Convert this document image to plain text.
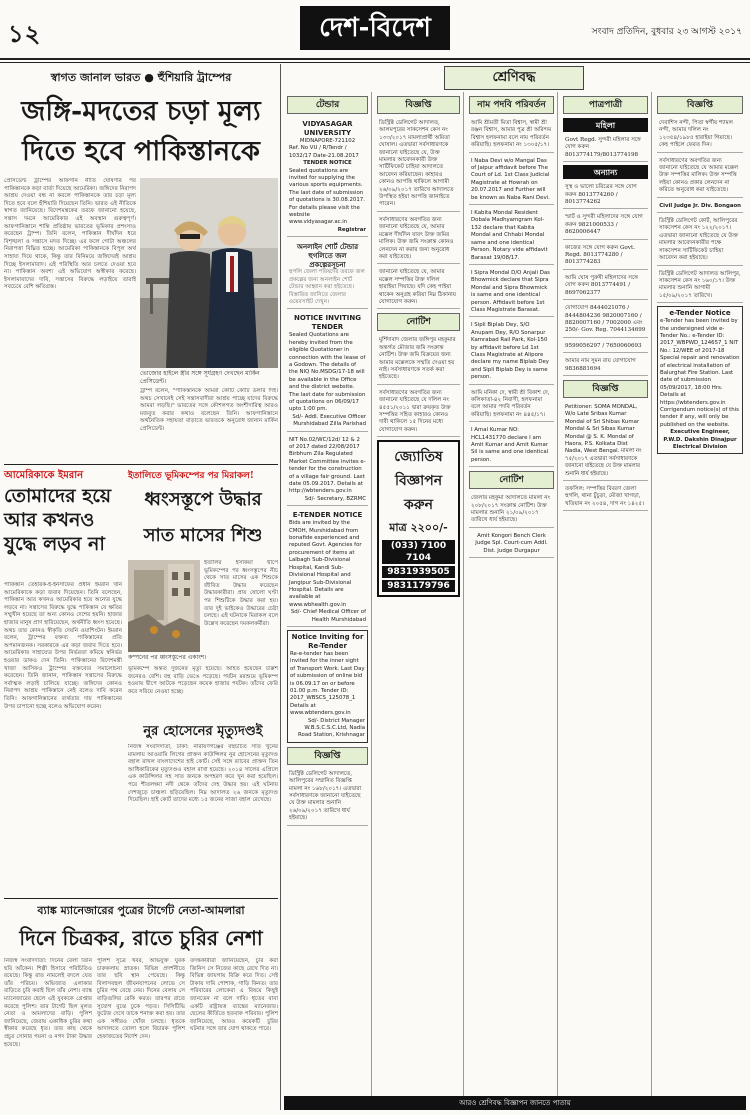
১২	দেশ-বিদেশ	সংবাদ প্রতিদিন, বুধবার ২৩ আগস্ট ২০১৭
স্বাগত জানাল ভারত ● হুঁশিয়ারি ট্রাম্পের
জঙ্গি-মদতের চড়া মূল্য দিতে হবে পাকিস্তানকে
প্রেসিডেন্ট ট্রাম্পের আফগান নীতি ঘোষণার পর পাকিস্তানকে কড়া বার্তা দিয়েছে আমেরিকা। জঙ্গিদের নিরাপদ আশ্রয় দেওয়া বন্ধ না করলে পাকিস্তানকে তার চড়া মূল্য দিতে হবে বলে হুঁশিয়ারি দিয়েছেন তিনি। ভারত এই নীতিকে স্বাগত জানিয়েছে। বিদেশমন্ত্রকের তরফে জানানো হয়েছে, সন্ত্রাস দমনে আমেরিকার এই অবস্থান গুরুত্বপূর্ণ। আফগানিস্তানে শান্তি প্রতিষ্ঠায় ভারতের ভূমিকার প্রশংসাও করেছেন ট্রাম্প। তিনি বলেন, পাকিস্তান দীর্ঘদিন ধরে বিশৃঙ্খলা ও সন্ত্রাসে মদত দিচ্ছে। এর ফলে গোটা অঞ্চলের নিরাপত্তা বিঘ্নিত হচ্ছে। আমেরিকা পাকিস্তানকে বিপুল অর্থ সাহায্য দিয়ে থাকে, কিন্তু তার বিনিময়ে জঙ্গিদেরই আশ্রয় দিচ্ছে ইসলামাবাদ। এই পরিস্থিতি আর চলতে দেওয়া হবে না। পাকিস্তান অবশ্য এই অভিযোগ অস্বীকার করেছে। ইসলামাবাদের দাবি, সন্ত্রাসের বিরুদ্ধে লড়াইয়ে তারাই সবচেয়ে বেশি ক্ষতিগ্রস্ত।
ভোজোর হাইলে স্ত্রীর সঙ্গে সূর্যগ্রহণ দেখছেন মার্কিন প্রেসিডেন্ট।
ট্রাম্প বলেন, "পাকিস্তানকে আমরা কোটি কোটি ডলার দিই। অথচ সেখানেই সেই সন্ত্রাসবাদীরা আশ্রয় পাচ্ছে যাদের বিরুদ্ধে আমরা লড়ছি।" ভারতের সঙ্গে কৌশলগত অংশীদারিত্ব আরও মজবুত করার কথাও বলেছেন তিনি। আফগানিস্তানে অর্থনৈতিক সহায়তা বাড়াতে ভারতকে অনুরোধ জানান মার্কিন প্রেসিডেন্ট।
আমেরিকাকে ইমরান
তোমাদের হয়ে আর কখনও যুদ্ধে লড়ব না
পাকিস্তান তেহরিক-ই-ইনসাফের প্রধান ইমরান খান আমেরিকাকে কড়া জবাব দিয়েছেন। তিনি বলেছেন, পাকিস্তান আর কখনও আমেরিকার হয়ে অন্যের যুদ্ধে লড়বে না। সন্ত্রাসের বিরুদ্ধে যুদ্ধে পাকিস্তান যে ক্ষতির সম্মুখীন হয়েছে তা অন্য কোনও দেশের হয়নি। হাজার হাজার মানুষ প্রাণ হারিয়েছেন, অর্থনীতি ধ্বংস হয়েছে। অথচ তার কোনও স্বীকৃতি দেয়নি ওয়াশিংটন। ইমরান বলেন, ট্রাম্পের বক্তব্য পাকিস্তানের প্রতি অপমানজনক। সরকারকে এর কড়া জবাব দিতে হবে। আমেরিকার সাহায্যের উপর নির্ভরতা কমিয়ে স্বনির্ভর হওয়ার ডাকও দেন তিনি। পাকিস্তানের বিদেশমন্ত্রী খাজা আসিফও ট্রাম্পের বক্তব্যের সমালোচনা করেছেন। তিনি জানান, পাকিস্তান সন্ত্রাসের বিরুদ্ধে সর্বাত্মক লড়াই চালিয়ে যাচ্ছে। জঙ্গিদের কোনও নিরাপদ আশ্রয় পাকিস্তানে নেই বলেও দাবি করেন তিনি। আফগানিস্তানের ব্যর্থতার দায় পাকিস্তানের উপর চাপানো হচ্ছে বলেও অভিযোগ করেন।
ইতালিতে ভূমিকম্পের পর মিরাকল!
ধ্বংসস্তূপে উদ্ধার সাত মাসের শিশু
ইতালির ইসকিয়া দ্বীপে ভূমিকম্পের পর ধ্বংসস্তূপের নীচ থেকে সাত মাসের এক শিশুকে জীবিত উদ্ধার করেছেন উদ্ধারকারীরা। প্রায় ষোলো ঘণ্টা পর শিশুটিকে উদ্ধার করা হয়। তার দুই ভাইকেও উদ্ধারের চেষ্টা চলছে। এই ঘটনাকে মিরাকল বলে উল্লেখ করেছেন দমকলকর্মীরা।
কম্পনের পর ধ্বংসস্তূপের একাংশ।
ভূমিকম্পে অন্তত দুজনের মৃত্যু হয়েছে। আহত হয়েছেন চল্লিশ জনেরও বেশি। বহু বাড়ি ভেঙে পড়েছে। পর্যটন মরশুমে ভূমিকম্প হওয়ায় দ্বীপে আটকে পড়েছেন কয়েক হাজার পর্যটক। তাঁদের ফেরি করে সরিয়ে নেওয়া হচ্ছে।
নুর হোসেনের মৃত্যুদণ্ডই
নিজস্ব সংবাদদাতা, ঢাকা: নারায়ণগঞ্জের বহুচর্চিত সাত খুনের মামলায় আওয়ামি লিগের প্রাক্তন কাউন্সিলর নুর হোসেনের মৃত্যুদণ্ড বহাল রাখল বাংলাদেশের হাই কোর্ট। সেই সঙ্গে র‌্যাবের প্রাক্তন তিন আধিকারিকের মৃত্যুদণ্ডও বহাল রাখা হয়েছে। ২০১৪ সালের এপ্রিলে এক কাউন্সিলর সহ সাত জনকে অপহরণ করে খুন করা হয়েছিল। পরে শীতলক্ষ্যা নদী থেকে তাঁদের দেহ উদ্ধার হয়। এই ঘটনায় দেশজুড়ে চাঞ্চল্য ছড়িয়েছিল। নিম্ন আদালত ২৬ জনকে মৃত্যুদণ্ড দিয়েছিল। হাই কোর্ট তাদের মধ্যে ১৫ জনের সাজা বহাল রেখেছে।
ব্যাঙ্ক ম্যানেজারের পুত্রের টার্গেট নেতা-আমলারা
দিনে চিত্রকর, রাতে চুরির নেশা
নিজস্ব সংবাদদাতা: দিনের বেলা তিনি ছবি আঁকেন। শিল্পী হিসাবে পরিচিতিও রয়েছে। কিন্তু রাত নামলেই বদলে যেত তাঁর পরিচয়। অভিজাত এলাকার বাড়িতে চুরি করাই ছিল তাঁর নেশা। ব্যাঙ্ক ম্যানেজারের ছেলে এই যুবককে গ্রেপ্তার করেছে পুলিশ। তার টার্গেট ছিল মূলত নেতা ও আমলাদের বাড়ি। পুলিশ জানিয়েছে, জেরায় একাধিক চুরির কথা স্বীকার করেছে ধৃত। তার কাছ থেকে প্রচুর সোনার গয়না ও নগদ টাকা উদ্ধার হয়েছে।
পুলিশ সূত্রে খবর, অভিযুক্ত যুবক চারুকলায় স্নাতক। বিভিন্ন প্রদর্শনীতে তার ছবি স্থান পেয়েছে। কিন্তু বিলাসবহুল জীবনযাপনের লোভে সে চুরির পথ বেছে নেয়। দিনের বেলায় সে বাড়িগুলির রেকি করত। তারপর রাতে সুযোগ বুঝে ঢুকে পড়ত। সিসিটিভি ফুটেজ দেখে তাকে শনাক্ত করা হয়। তার এক সঙ্গীরও খোঁজ চলছে। ধৃতকে আদালতে তোলা হলে বিচারক পুলিশ হেফাজতের নির্দেশ দেন।
তদন্তকারীরা জানিয়েছেন, চুরি করা জিনিস সে নিজের কাছে রেখে দিত না। বিভিন্ন জায়গায় বিক্রি করে দিত। সেই টাকায় দামি পোশাক, গাড়ি কিনত। তার পরিবারের লোকেরা এ বিষয়ে কিছুই জানতেন না বলে দাবি। ধৃতের বাবা একটি রাষ্ট্রায়ত্ত ব্যাঙ্কের ম্যানেজার। ছেলের কীর্তিতে হতবাক পরিবার। পুলিশ জানিয়েছে, আরও কয়েকটি চুরির ঘটনার সঙ্গে তার যোগ থাকতে পারে।
শ্রেণিবদ্ধ
টেন্ডার
VIDYASAGAR UNIVERSITY
MIDNAPORE-721102
Ref. No VU / R/Tendr / 1032/17 Date-21.08.2017
TENDER NOTICE
Sealed quotations are invited for supplying the various sports equipments. The last date of submission of quotations is 30.08.2017. For details please visit the website www.vidyasagar.ac.in
Registrar
অনলাইন শোর্ট টেন্ডার হুগলিতে জল প্রকল্পেরসূচনা
হুগলি জেলা পরিষদের তরফে জল প্রকল্পের জন্য অনলাইন শোর্ট টেন্ডার আহ্বান করা হইতেছে। বিস্তারিত জানিতে জেলার ওয়েবসাইট দেখুন।
NOTICE INVITING TENDER
Sealed Quotations are hereby invited from the eligible Quotationer in connection with the lease of a Godown. The details of the NIQ No.MSDG/17-18 will be available in the Office and the district website. The last date for submission of quotations on 06/09/17 upto 1:00 pm.
Sd/- Addl. Executive Officer Murshidabad Zilla Parishad
NIT No.02/WC/12d/ 12 & 2 of 2017 dated 22/08/2017 Birbhum Zila Regulated Market Committee invites e-tender for the construction of a village fair ground. Last date 05.09.2017. Details at http://wbtenders.gov.in
Sd/- Secretary, BZRMC
E-TENDER NOTICE
Bids are invited by the CMOH, Murshidabad from bonafide experienced and reputed Govt. Agencies for procurement of items at Lalbagh Sub-Divisional Hospital, Kandi Sub-Divisional Hospital and Jangipur Sub-Divisional Hospital. Details are available at www.wbhealth.gov.in
Sd/- Chief Medical Officer of Health Murshidabad
Notice Inviting for Re-Tender
Re-e-tender has been invited for the inner sight of Transport Work. Last Day of submission of online bid is 06.09.17 on or before 01.00 p.m. Tender ID: 2017_WBSCS_125078_1 Details at www.wbtenders.gov.in
Sd/- District Manager W.B.S.C.S.C.Ltd, Nadia Road Station, Krishnagar
বিজ্ঞপ্তি
ডিস্ট্রিক্ট ডেলিগেট আদালতে, আলিপুরের সম্মানিত বিজ্ঞপ্তি মামলা নং ১৬৮/২০১৭। এতদ্বারা সর্বসাধারণকে জানানো যাইতেছে যে উক্ত মামলার শুনানি ২৬/০৯/২০১৭ তারিখে ধার্য হইয়াছে।
বিজ্ঞপ্তি
ডিস্ট্রিক্ট ডেলিগেট আদালত, আলমপুরের সাকসেশন কেস নং ১৩৩/২০১৭ মামলাপ্রার্থী অমিতা ঘোষাল। এতদ্বারা সর্বসাধারণকে জানানো যাইতেছে যে, উক্ত মামলার আবেদনকারী উক্ত সার্টিফিকেট চাহিয়া আদালতে আবেদন করিয়াছেন। কাহারও কোনও আপত্তি থাকিলে আগামী ২৬/০৯/২০১৭ তারিখে আদালতে উপস্থিত হইয়া আপত্তি জানাইতে পারেন।
সর্বসাধারণের অবগতির জন্য জানানো যাইতেছে যে, আমার মক্কেল দীর্ঘদিন যাবৎ উক্ত জমির মালিক। উক্ত জমি সংক্রান্ত কোনও লেনদেন না করার জন্য অনুরোধ করা যাইতেছে।
জানানো যাইতেছে যে, আমার মক্কেল সম্পত্তির উক্ত দলিল হারাইয়া গিয়াছে। যদি কেহ পাইয়া থাকেন অনুগ্রহ করিয়া নিম্ন ঠিকানায় যোগাযোগ করুন।
নোটিশ
মুর্শিদাবাদ জেলার জঙ্গিপুর মহকুমার অন্তর্গত মৌজার জমি সংক্রান্ত নোটিশ। উক্ত জমি বিক্রয়ের জন্য আমার মক্কেলকে সম্মতি দেওয়া হয় নাই। সর্বসাধারণকে সতর্ক করা হইতেছে।
সর্বসাধারণের অবগতির জন্য জানানো যাইতেছে যে দলিল নং ৪৫৫১/২০১১ দ্বারা ক্রয়কৃত উক্ত সম্পত্তির সহিত কাহারও কোনও দাবী থাকিলে ১৫ দিনের মধ্যে যোগাযোগ করুন।
জ্যোতিষ
বিজ্ঞাপন
করুন
মাত্র ২২০০/-
(033) 7100 7104
9831939505
9831179796
নাম পদবি পরিবর্তন
আমি শ্রীমতী মিতা বিশ্বাস, স্বামী শ্রী রঞ্জন বিশ্বাস, আমার পুত্র শ্রী অরিন্দম বিশ্বাস হলফনামা বলে নাম পরিবর্তন করিয়াছি। হলফনামা নং ১৩০৫/১৭।
I Naba Devi w/o Mangal Das of Jaipur affidavit before The Court of Ld. 1st Class Judicial Magistrate at Howrah on 20.07.2017 and Further will be known as Naba Rani Devi.
I Kabita Mondal Resident Dobala Madhyamgram Kol-132 declare that Kabita Mondal and Chhabi Mondal same and one identical Person. Notary vide affidavit Barasat 19/08/17.
I Sipra Mondal D/O Anjali Das Bhowmick declare that Sipra Mondal and Sipra Bhowmick is same and one identical person. Affidavit before 1st Class Magistrate Barasat.
I Sipli Biplab Dey, S/O Anupam Dey, R/O Sonarpur Kamrabad Rail Park, Kol-150 by affidavit before Ld 1st Class Magistrate at Alipore declare my name Biplab Dey and Sipli Biplab Dey is same person.
আমি মনিকা দে, স্বামী শ্রী বিকাশ দে, কলিকাতা-৪২ নিবাসী, হলফনামা বলে আমার পদবি পরিবর্তন করিয়াছি। হলফনামা নং ৪৪৫/১৭।
I Amal Kumar NO: HCL1431770 declare I am Amit Kumar and Amit Kumar Sil is same and one identical person.
নোটিশ
জেলার মহকুমা আদালতে মামলা নং ২০৮/২০১৭ সংক্রান্ত নোটিশ। উক্ত মামলার শুনানি ২১/০৯/২০১৭ তারিখে ধার্য হইয়াছে।
Amit Kongori Bench Clerk Judge Spl. Court-cum Addl. Dist. Judge Durgapur
পাত্রপাত্রী
মহিলা
Govt Regd. সুন্দরী মহিলার সঙ্গে যোগ করুন 8013774179/8013774198
অন্যান্য
সুস্থ ও ভালো চরিত্রের সঙ্গে যোগ করুন 8013774260 / 8013774262
স্মার্ট ও সুন্দরী মহিলাদের সঙ্গে যোগ করুন 9821000533 / 8620006447
কাজের সঙ্গে যোগ করুন Govt. Regd. 8013774280 / 8013774283
আমি ঘোষ পুরুষী মহিলাদের সঙ্গে যোগ করুন 8013774491 / 8697062377
যোগাযোগ 8444021076 / 8444804236 9820007160 / 8820007160 / 7002000 এবং 250/- Gov. Reg. 7044134699
9599056297 / 7650060693
আমার নাম সুমন রায় যোগাযোগ 9836881694
বিজ্ঞপ্তি
Petitioner: SOMA MONDAL, W/o Late Sribas Kumar Mondal of Sri Shibas Kumar Mondal & Sri Sibas Kumar Mondal @ S. K. Mondal of Haora, P.S. Kolkata Dist Nadia, West Bengal. মামলা নং ৭৫/২০১৭ এতদ্বারা সর্বসাধারণকে জানানো যাইতেছে যে উক্ত মামলার শুনানি ধার্য হইয়াছে।
তফসিল: সম্পত্তির বিবরণ জেলা হুগলি, থানা চুঁচুড়া, মৌজা খাগড়া, খতিয়ান নং ২০৫৪, দাগ নং ১৪২৫।
বিজ্ঞপ্তি
দেবাশিস নন্দী, পিতা স্বর্গীয় শ্যামল নন্দী, আমার দলিল নং ১২৩৫৪/১৯৮৫ হারাইয়া গিয়াছে। কেহ পাইলে ফেরত দিন।
সর্বসাধারণের অবগতির জন্য জানানো যাইতেছে যে আমার মক্কেল উক্ত সম্পত্তির মালিক। উক্ত সম্পত্তি লইয়া কোনও প্রকার লেনদেন না করিতে অনুরোধ করা যাইতেছে।
Civil Judge Jr. Div. Bongaon
ডিস্ট্রিক্ট ডেলিগেট কোর্ট, আলিপুরের সাকসেশন কেস নং ১২২/২০১৭। এতদ্বারা জানানো যাইতেছে যে উক্ত মামলার আবেদনকারীর পক্ষে সাকসেশন সার্টিফিকেট চাহিয়া আবেদন করা হইয়াছে।
ডিস্ট্রিক্ট ডেলিগেট আদালত আলিপুর, সাকসেশন কেস নং ১৬০/১৭। উক্ত মামলার শুনানি আগামী ১৫/০৯/২০১৭ তারিখে।
e-Tender Notice
e-Tender has been invited by the undersigned vide e-Tender No.: e-Tender ID: 2017_WBPWD_124657_1 NIT No.: 12/WEE of 2017-18 Special repair and renovation of electrical installation of Balurghat Fire Station. Last date of submission 05/09/2017, 18:00 Hrs. Details at https://wbtenders.gov.in Corrigendum notice(s) of this tender if any, will only be published on the website.
Executive Engineer, P.W.D. Dakshin Dinajpur Electrical Division
আরও শ্রেণিবদ্ধ বিজ্ঞাপন জানতে পাতায়
